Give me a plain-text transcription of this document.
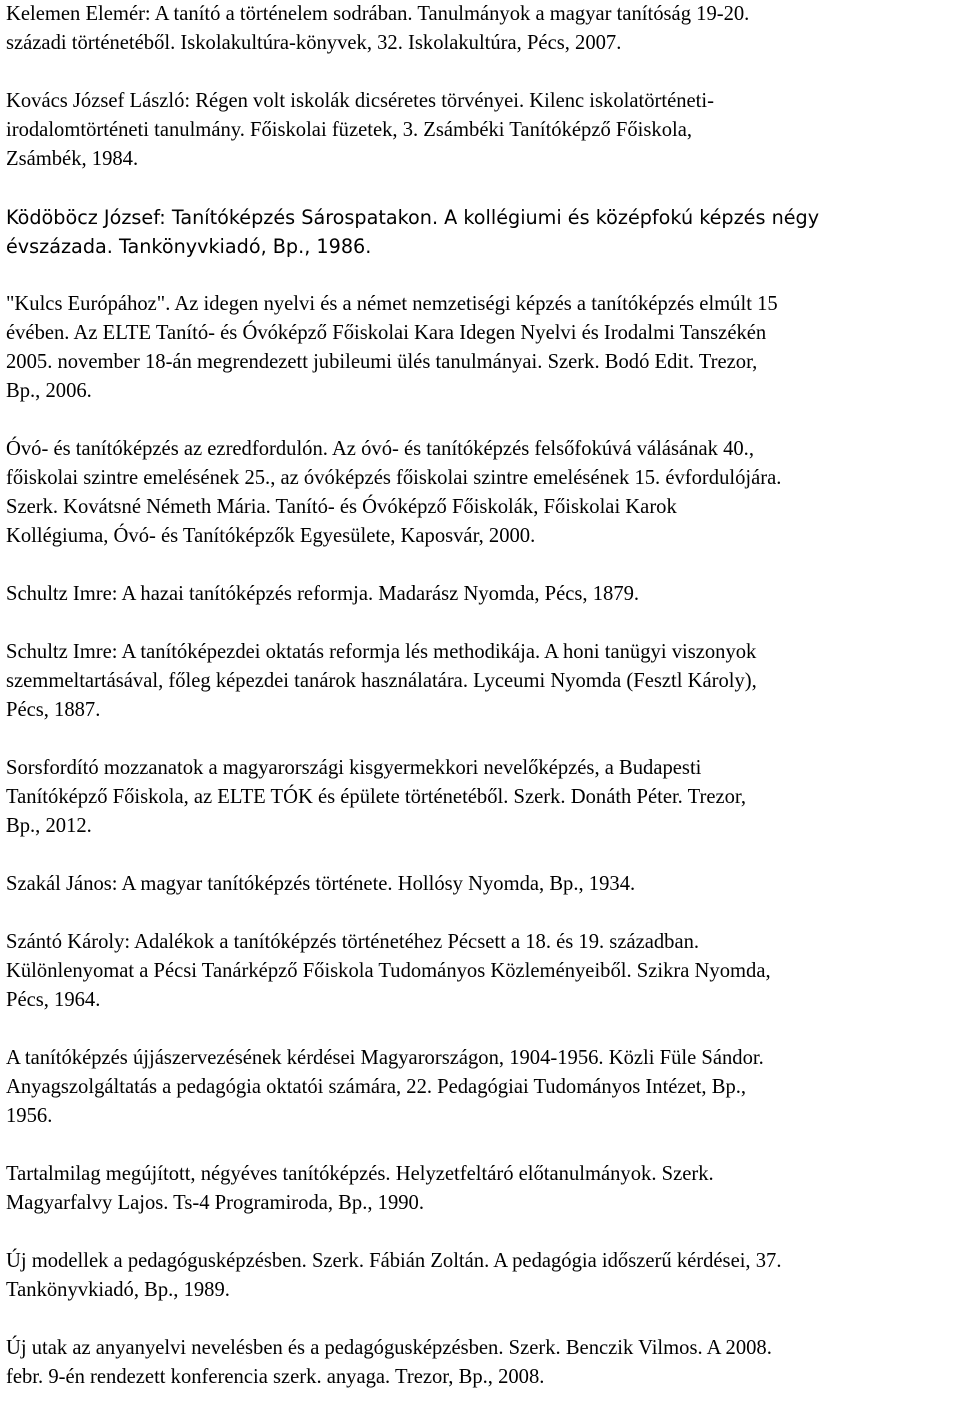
Kelemen Elemér: A tanító a történelem sodrában. Tanulmányok a magyar tanítóság 19-20.
századi történetéből. Iskolakultúra-könyvek, 32. Iskolakultúra, Pécs, 2007.

Kovács József László: Régen volt iskolák dicséretes törvényei. Kilenc iskolatörténeti-
irodalomtörténeti tanulmány. Főiskolai füzetek, 3. Zsámbéki Tanítóképző Főiskola,
Zsámbék, 1984.

Ködöböcz József: Tanítóképzés Sárospatakon. A kollégiumi és középfokú képzés négy
évszázada. Tankönyvkiadó, Bp., 1986.

"Kulcs Európához". Az idegen nyelvi és a német nemzetiségi képzés a tanítóképzés elmúlt 15
évében. Az ELTE Tanító- és Óvóképző Főiskolai Kara Idegen Nyelvi és Irodalmi Tanszékén
2005. november 18-án megrendezett jubileumi ülés tanulmányai. Szerk. Bodó Edit. Trezor,
Bp., 2006.

Óvó- és tanítóképzés az ezredfordulón. Az óvó- és tanítóképzés felsőfokúvá válásának 40.,
főiskolai szintre emelésének 25., az óvóképzés főiskolai szintre emelésének 15. évfordulójára.
Szerk. Kovátsné Németh Mária. Tanító- és Óvóképző Főiskolák, Főiskolai Karok
Kollégiuma, Óvó- és Tanítóképzők Egyesülete, Kaposvár, 2000.

Schultz Imre: A hazai tanítóképzés reformja. Madarász Nyomda, Pécs, 1879.

Schultz Imre: A tanítóképezdei oktatás reformja lés methodikája. A honi tanügyi viszonyok
szemmeltartásával, főleg képezdei tanárok használatára. Lyceumi Nyomda (Fesztl Károly),
Pécs, 1887.

Sorsfordító mozzanatok a magyarországi kisgyermekkori nevelőképzés, a Budapesti
Tanítóképző Főiskola, az ELTE TÓK és épülete történetéből. Szerk. Donáth Péter. Trezor,
Bp., 2012.

Szakál János: A magyar tanítóképzés története. Hollósy Nyomda, Bp., 1934.

Szántó Károly: Adalékok a tanítóképzés történetéhez Pécsett a 18. és 19. században.
Különlenyomat a Pécsi Tanárképző Főiskola Tudományos Közleményeiből. Szikra Nyomda,
Pécs, 1964.

A tanítóképzés újjászervezésének kérdései Magyarországon, 1904-1956. Közli Füle Sándor.
Anyagszolgáltatás a pedagógia oktatói számára, 22. Pedagógiai Tudományos Intézet, Bp.,
1956.

Tartalmilag megújított, négyéves tanítóképzés. Helyzetfeltáró előtanulmányok. Szerk.
Magyarfalvy Lajos. Ts-4 Programiroda, Bp., 1990.

Új modellek a pedagógusképzésben. Szerk. Fábián Zoltán. A pedagógia időszerű kérdései, 37.
Tankönyvkiadó, Bp., 1989.

Új utak az anyanyelvi nevelésben és a pedagógusképzésben. Szerk. Benczik Vilmos. A 2008.
febr. 9-én rendezett konferencia szerk. anyaga. Trezor, Bp., 2008.
